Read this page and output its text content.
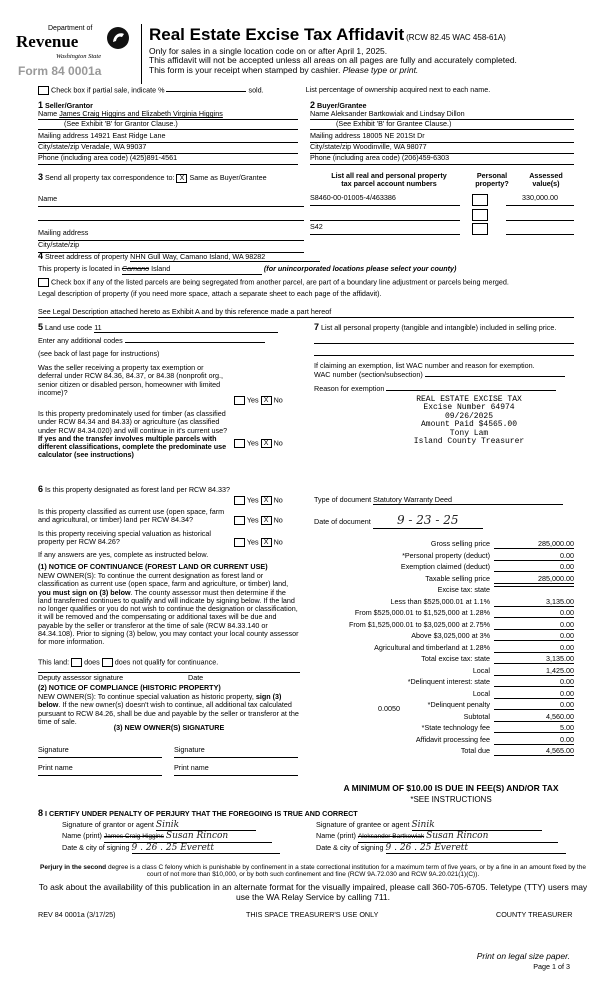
Department of
Revenue
Washington State
Form 84 0001a
Real Estate Excise Tax Affidavit (RCW 82.45 WAC 458-61A)
Only for sales in a single location code on or after April 1, 2025.
This affidavit will not be accepted unless all areas on all pages are fully and accurately completed.
This form is your receipt when stamped by cashier. Please type or print.
Check box if partial sale, indicate %	sold.	List percentage of ownership acquired next to each name.
1 Seller/Grantor
Name James Craig Higgins and Elizabeth Virginia Higgins
(See Exhibit 'B' for Grantor Clause.)
Mailing address 14921 East Ridge Lane
City/state/zip Veradale, WA 99037
Phone (including area code) (425)891-4561
2 Buyer/Grantee
Name Aleksander Bartkowiak and Lindsay Dillon
(See Exhibit 'B' for Grantee Clause.)
Mailing address 18005 NE 201St Dr
City/state/zip Woodinville, WA 98077
Phone (including area code) (206)459-6303
3 Send all property tax correspondence to: X Same as Buyer/Grantee
Name
Mailing address
City/state/zip
List all real and personal property
tax parcel account numbers
Personal
property?
Assessed
value(s)
S8460-00-01005-4/463386	330,000.00
S42
4 Street address of property NHN Gull Way, Camano Island, WA 98282
This property is located in Camano Island	(for unincorporated locations please select your county)
Check box if any of the listed parcels are being segregated from another parcel, are part of a boundary line adjustment or parcels being merged.
Legal description of property (if you need more space, attach a separate sheet to each page of the affidavit).
See Legal Description attached hereto as Exhibit A and by this reference made a part hereof
5 Land use code 11
Enter any additional codes
(see back of last page for instructions)
Was the seller receiving a property tax exemption or deferral under RCW 84.36, 84.37, or 84.38 (nonprofit org., senior citizen or disabled person, homeowner with limited income)?
Yes X No
Is this property predominately used for timber (as classified under RCW 84.34 and 84.33) or agriculture (as classified under RCW 84.34.020) and will continue in it's current use? If yes and the transfer involves multiple parcels with different classifications, complete the predominate use calculator (see instructions)
Yes X No
6 Is this property designated as forest land per RCW 84.33?
Yes X No
Is this property classified as current use (open space, farm and agricultural, or timber) land per RCW 84.34?	Yes X No
Is this property receiving special valuation as historical property per RCW 84.26?	Yes X No
If any answers are yes, complete as instructed below.
(1) NOTICE OF CONTINUANCE (FOREST LAND OR CURRENT USE)
NEW OWNER(S): To continue the current designation as forest land or classification as current use (open space, farm and agriculture, or timber) land, you must sign on (3) below. The county assessor must then determine if the land transferred continues to qualify and will indicate by signing below. If the land no longer qualifies or you do not wish to continue the designation or classification, it will be removed and the compensating or additional taxes will be due and payable by the seller or transferor at the time of sale (RCW 84.33.140 or 84.34.108). Prior to signing (3) below, you may contact your local county assessor for more information.
This land: does does not qualify for continuance.
Deputy assessor signature	Date
(2) NOTICE OF COMPLIANCE (HISTORIC PROPERTY)
NEW OWNER(S): To continue special valuation as historic property, sign (3) below. If the new owner(s) doesn't wish to continue, all additional tax calculated pursuant to RCW 84.26, shall be due and payable by the seller or transferor at the time of sale.
(3) NEW OWNER(S) SIGNATURE
Signature	Signature
Print name	Print name
7 List all personal property (tangible and intangible) included in selling price.
If claiming an exemption, list WAC number and reason for exemption.
WAC number (section/subsection)
Reason for exemption
REAL ESTATE EXCISE TAX
Excise Number 64974
09/26/2025
Amount Paid $4565.00
Tony Lam
Island County Treasurer
Type of document Statutory Warranty Deed
Date of document 9 - 23 - 25
Gross selling price	285,000.00
*Personal property (deduct)	0.00
Exemption claimed (deduct)	0.00
Taxable selling price	285,000.00
Excise tax: state
Less than $525,000.01 at 1.1%	3,135.00
From $525,000.01 to $1,525,000 at 1.28%	0.00
From $1,525,000.01 to $3,025,000 at 2.75%	0.00
Above $3,025,000 at 3%	0.00
Agricultural and timberland at 1.28%	0.00
Total excise tax: state	3,135.00
Local	1,425.00
*Delinquent interest: state	0.00
Local	0.00
*Delinquent penalty	0.00
Subtotal	4,560.00
*State technology fee	5.00
Affidavit processing fee	0.00
Total due	4,565.00
0.0050
A MINIMUM OF $10.00 IS DUE IN FEE(S) AND/OR TAX
*SEE INSTRUCTIONS
8 I CERTIFY UNDER PENALTY OF PERJURY THAT THE FOREGOING IS TRUE AND CORRECT
Signature of grantor or agent Sinik
Name (print) James Craig Higgins Susan Rincon
Date & city of signing 9 . 26 . 25 Everett
Signature of grantee or agent Sinik
Name (print) Aleksander Bartkowiak Susan Rincon
Date & city of signing 9 . 26 . 25 Everett
Perjury in the second degree is a class C felony which is punishable by confinement in a state correctional institution for a maximum term of five years, or by a fine in an amount fixed by the court of not more than $10,000, or by both such confinement and fine (RCW 9A.72.030 and RCW 9A.20.021(1)(C)).
To ask about the availability of this publication in an alternate format for the visually impaired, please call 360-705-6705. Teletype (TTY) users may use the WA Relay Service by calling 711.
REV 84 0001a (3/17/25)	THIS SPACE TREASURER'S USE ONLY	COUNTY TREASURER
Print on legal size paper.
Page 1 of 3
